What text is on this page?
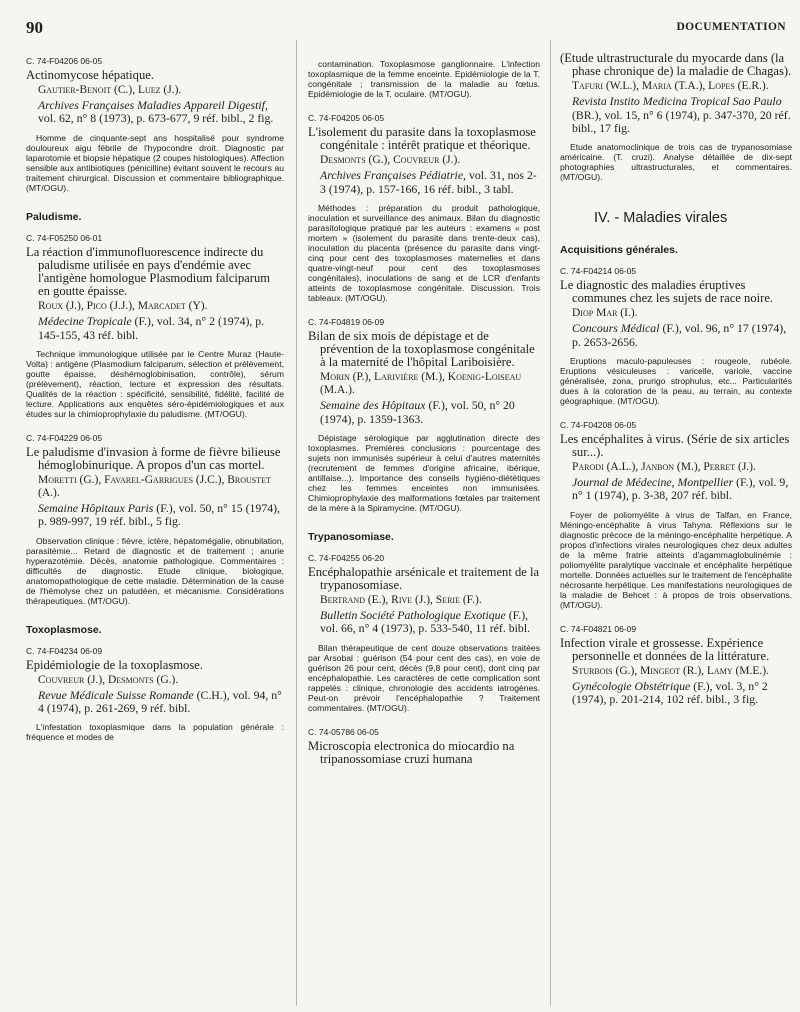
90	DOCUMENTATION
C. 74-F04206 06-05
Actinomycose hépatique.
Gautier-Benoit (C.), Luez (J.).
Archives Françaises Maladies Appareil Digestif, vol. 62, n° 8 (1973), p. 673-677, 9 réf. bibl., 2 fig.
Homme de cinquante-sept ans hospitalisé pour syndrome douloureux aigu fébrile de l'hypocondre droit. Diagnostic par laparotomie et biopsie hépatique (2 coupes histologiques). Affection sensible aux antibiotiques (pénicilline) évitant souvent le recours au traitement chirurgical. Discussion et commentaire bibliographique. (MT/OGU).
Paludisme.
C. 74-F05250 06-01
La réaction d'immunofluorescence indirecte du paludisme utilisée en pays d'endémie avec l'antigène homologue Plasmodium falciparum en goutte épaisse.
Roux (J.), Pico (J.J.), Marcadet (Y).
Médecine Tropicale (F.), vol. 34, n° 2 (1974), p. 145-155, 43 réf. bibl.
Technique immunologique utilisée par le Centre Muraz (Haute-Volta) : antigène (Plasmodium falciparum, sélection et prélèvement, goutte épaisse, déshémoglobinisation, contrôle), sérum (prélèvement), réaction, lecture et expression des résultats. Qualités de la réaction : spécificité, sensibilité, fidélité, facilité de lecture. Applications aux enquêtes séro-épidémiologiques et aux études sur la chimioprophylaxie du paludisme. (MT/OGU).
C. 74-F04229 06-05
Le paludisme d'invasion à forme de fièvre bilieuse hémoglobinurique. A propos d'un cas mortel.
Moretti (G.), Favarel-Garrigues (J.C.), Broustet (A.).
Semaine Hôpitaux Paris (F.), vol. 50, n° 15 (1974), p. 989-997, 19 réf. bibl., 5 fig.
Observation clinique : fièvre, ictère, hépatomégalie, obnubilation, parasitémie... Retard de diagnostic et de traitement ; anurie hyperazotémie. Décès, anatomie pathologique. Commentaires : difficultés de diagnostic. Etude clinique, biologique, anatomopathologique de cette maladie. Détermination de la cause de l'hémolyse chez un paludéen, et mécanisme. Considérations thérapeutiques. (MT/OGU).
Toxoplasmose.
C. 74-F04234 06-09
Epidémiologie de la toxoplasmose.
Couvreur (J.), Desmonts (G.).
Revue Médicale Suisse Romande (C.H.), vol. 94, n° 4 (1974), p. 261-269, 9 réf. bibl.
L'infestation toxoplasmique dans la population générale : fréquence et modes de
contamination. Toxoplasmose ganglionnaire. L'infection toxoplasmique de la femme enceinte. Epidémiologie de la T. congénitale ; transmission de la maladie au fœtus. Epidémiologie de la T. oculaire. (MT/OGU).
C. 74-F04205 06-05
L'isolement du parasite dans la toxoplasmose congénitale : intérêt pratique et théorique.
Desmonts (G.), Couvreur (J.).
Archives Françaises Pédiatrie, vol. 31, nos 2-3 (1974), p. 157-166, 16 réf. bibl., 3 tabl.
Méthodes : préparation du produit pathologique, inoculation et surveillance des animaux. Bilan du diagnostic parasitologique pratiqué par les auteurs : examens « post mortem » (isolement du parasite dans trente-deux cas), inoculation du placenta (présence du parasite dans vingt-cinq pour cent des toxoplasmoses maternelles et dans quatre-vingt-neuf pour cent des toxoplasmoses congénitales), inoculations de sang et de LCR d'enfants atteints de toxoplasmose congénitale. Discussion. Trois tableaux. (MT/OGU).
C. 74-F04819 06-09
Bilan de six mois de dépistage et de prévention de la toxoplasmose congénitale à la maternité de l'hôpital Lariboisière.
Morin (P.), Larivière (M.), Koenig-Loiseau (M.A.).
Semaine des Hôpitaux (F.), vol. 50, n° 20 (1974), p. 1359-1363.
Dépistage sérologique par agglutination directe des toxoplasmes. Premières conclusions : pourcentage des sujets non immunisés supérieur à celui d'autres maternités (recrutement de femmes d'origine africaine, ibérique, antillaise...). Importance des conseils hygiéno-diététiques chez les femmes enceintes non immunisées. Chimioprophylaxie des malformations fœtales par traitement de la mère à la Spiramycine. (MT/OGU).
Trypanosomiase.
C. 74-F04255 06-20
Encéphalopathie arsénicale et traitement de la trypanosomiase.
Bertrand (E.), Rive (J.), Serie (F.).
Bulletin Société Pathologique Exotique (F.), vol. 66, n° 4 (1973), p. 533-540, 11 réf. bibl.
Bilan thérapeutique de cent douze observations traitées par Arsobal : guérison (54 pour cent des cas), en voie de guérison 26 pour cent, décès (9,8 pour cent), dont cinq par encéphalopathie. Les caractères de cette complication sont rappelés : clinique, chronologie des accidents iatrogènes. Peut-on prévoir l'encéphalopathie ? Traitement commentaires. (MT/OGU).
C. 74-05786 06-05
Microscopia electronica do miocardio na tripanossomiase cruzi humana
(Etude ultrastructurale du myocarde dans (la phase chronique de) la maladie de Chagas).
Tafuri (W.L.), Maria (T.A.), Lopes (E.R.).
Revista Instito Medicina Tropical Sao Paulo (BR.), vol. 15, n° 6 (1974), p. 347-370, 20 réf. bibl., 17 fig.
Etude anatomoclinique de trois cas de trypanosomiase américaine. (T. cruzi). Analyse détaillée de dix-sept photographies ultrastructurales, et commentaires. (MT/OGU).
IV. - Maladies virales
Acquisitions générales.
C. 74-F04214 06-05
Le diagnostic des maladies éruptives communes chez les sujets de race noire.
Diop Mar (I.).
Concours Médical (F.), vol. 96, n° 17 (1974), p. 2653-2656.
Eruptions maculo-papuleuses : rougeole, rubéole. Eruptions vésiculeuses : varicelle, variole, vaccine généralisée, zona, prurigo strophulus, etc... Particularités dues à la coloration de la peau, au terrain, au contexte géographique. (MT/OGU).
C. 74-F04208 06-05
Les encéphalites à virus. (Série de six articles sur...).
Parodi (A.L.), Janbon (M.), Perret (J.).
Journal de Médecine, Montpellier (F.), vol. 9, n° 1 (1974), p. 3-38, 207 réf. bibl.
Foyer de poliomyélite à virus de Talfan, en France, Méningo-encéphalite à virus Tahyna. Réflexions sur le diagnostic précoce de la méningo-encéphalite herpétique. A propos d'infections virales neurologiques chez deux adultes de la même fratrie atteints d'agammaglobulinémie : poliomyélite paralytique vaccinale et encéphalite herpétique mortelle. Données actuelles sur le traitement de l'encéphalite nécrosante herpétique. Les manifestations neurologiques de la maladie de Behcet : à propos de trois observations. (MT/OGU).
C. 74-F04821 06-09
Infection virale et grossesse. Expérience personnelle et données de la littérature.
Sturbois (G.), Mingeot (R.), Lamy (M.E.).
Gynécologie Obstétrique (F.), vol. 3, n° 2 (1974), p. 201-214, 102 réf. bibl., 3 fig.
